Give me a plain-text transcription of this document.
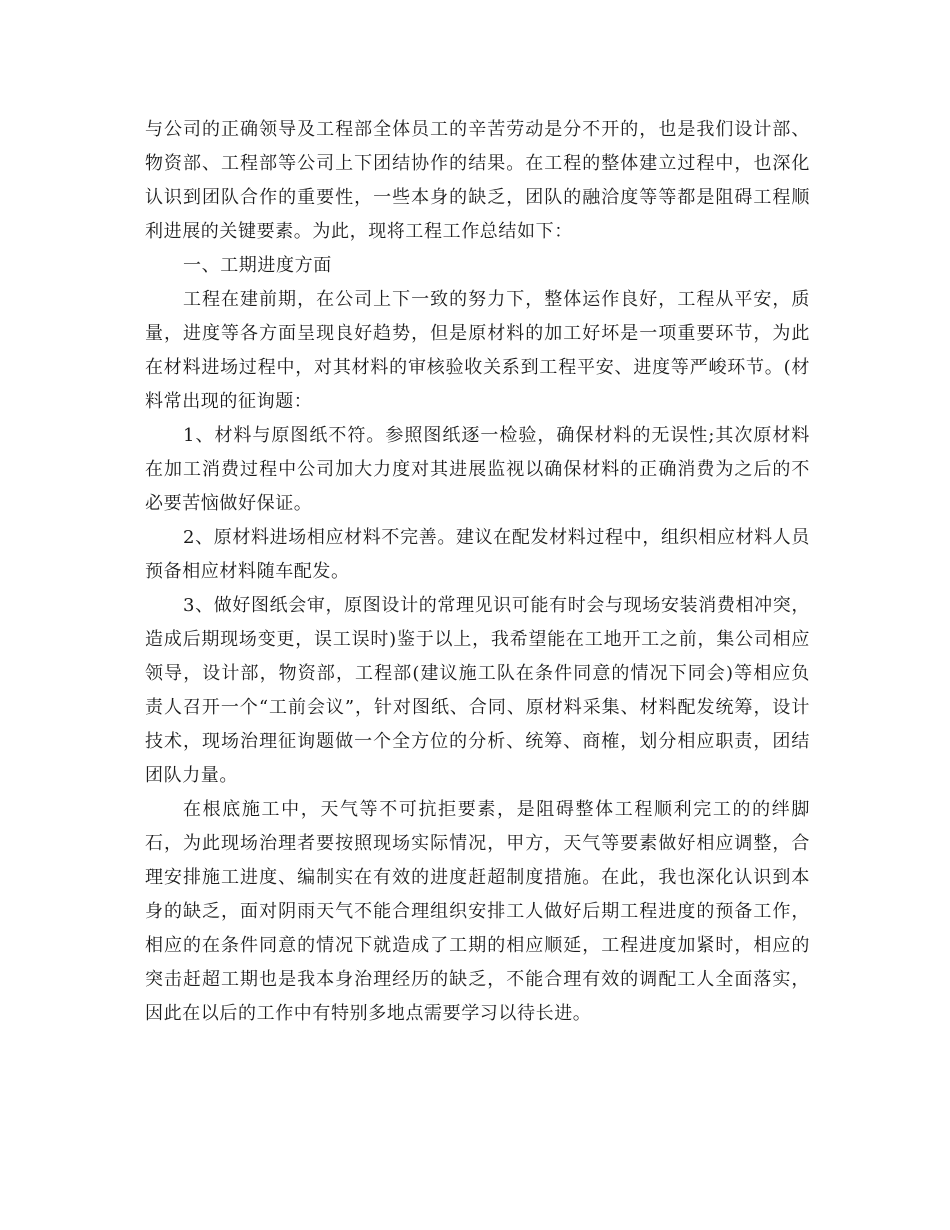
与公司的正确领导及工程部全体员工的辛苦劳动是分不开的，也是我们设计部、物资部、工程部等公司上下团结协作的结果。在工程的整体建立过程中，也深化认识到团队合作的重要性，一些本身的缺乏，团队的融洽度等等都是阻碍工程顺利进展的关键要素。为此，现将工程工作总结如下：

一、工期进度方面

工程在建前期，在公司上下一致的努力下，整体运作良好，工程从平安，质量，进度等各方面呈现良好趋势，但是原材料的加工好坏是一项重要环节，为此在材料进场过程中，对其材料的审核验收关系到工程平安、进度等严峻环节。(材料常出现的征询题：

1、材料与原图纸不符。参照图纸逐一检验，确保材料的无误性;其次原材料在加工消费过程中公司加大力度对其进展监视以确保材料的正确消费为之后的不必要苦恼做好保证。

2、原材料进场相应材料不完善。建议在配发材料过程中，组织相应材料人员预备相应材料随车配发。

3、做好图纸会审，原图设计的常理见识可能有时会与现场安装消费相冲突，造成后期现场变更，误工误时)鉴于以上，我希望能在工地开工之前，集公司相应领导，设计部，物资部，工程部(建议施工队在条件同意的情况下同会)等相应负责人召开一个“工前会议”，针对图纸、合同、原材料采集、材料配发统筹，设计技术，现场治理征询题做一个全方位的分析、统筹、商榷，划分相应职责，团结团队力量。

在根底施工中，天气等不可抗拒要素，是阻碍整体工程顺利完工的的绊脚石，为此现场治理者要按照现场实际情况，甲方，天气等要素做好相应调整，合理安排施工进度、编制实在有效的进度赶超制度措施。在此，我也深化认识到本身的缺乏，面对阴雨天气不能合理组织安排工人做好后期工程进度的预备工作，相应的在条件同意的情况下就造成了工期的相应顺延，工程进度加紧时，相应的突击赶超工期也是我本身治理经历的缺乏，不能合理有效的调配工人全面落实，因此在以后的工作中有特别多地点需要学习以待长进。
